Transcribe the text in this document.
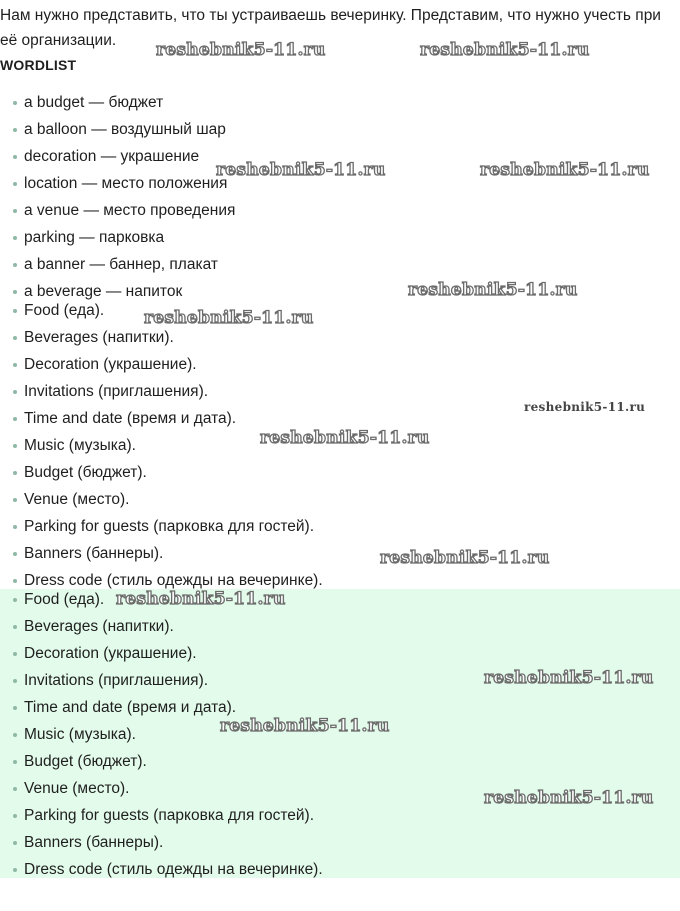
Нам нужно представить, что ты устраиваешь вечеринку. Представим, что нужно учесть при её организации.

WORDLIST

a budget — бюджет
a balloon — воздушный шар
decoration — украшение
location — место положения
a venue — место проведения
parking — парковка
a banner — баннер, плакат
a beverage — напиток
Food (еда).
Beverages (напитки).
Decoration (украшение).
Invitations (приглашения).
Time and date (время и дата).
Music (музыка).
Budget (бюджет).
Venue (место).
Parking for guests (парковка для гостей).
Banners (баннеры).
Dress code (стиль одежды на вечеринке).
Food (еда).
Beverages (напитки).
Decoration (украшение).
Invitations (приглашения).
Time and date (время и дата).
Music (музыка).
Budget (бюджет).
Venue (место).
Parking for guests (парковка для гостей).
Banners (баннеры).
Dress code (стиль одежды на вечеринке).
reshebnik5-11.ru	reshebnik5-11.ru
reshebnik5-11.ru	reshebnik5-11.ru
reshebnik5-11.ru
reshebnik5-11.ru
reshebnik5-11.ru
reshebnik5-11.ru
reshebnik5-11.ru
reshebnik5-11.ru
reshebnik5-11.ru
reshebnik5-11.ru
reshebnik5-11.ru
